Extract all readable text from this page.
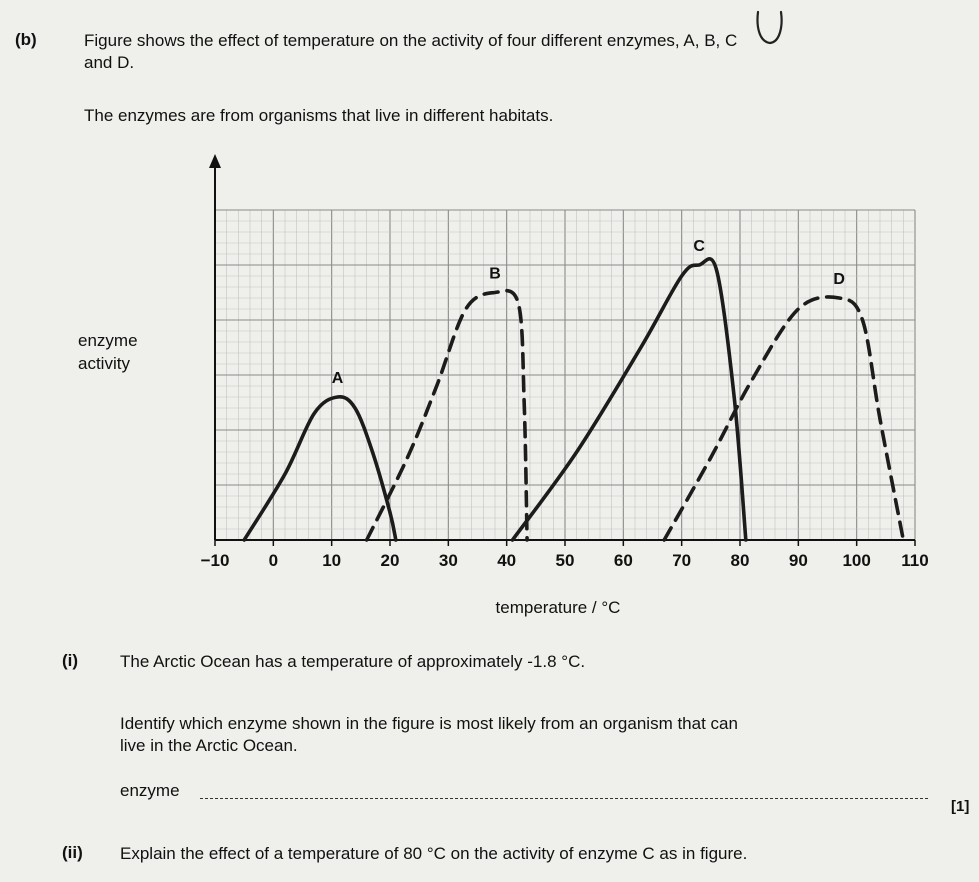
(b)	Figure shows the effect of temperature on the activity of four different enzymes, A, B, C
and D.
The enzymes are from organisms that live in different habitats.
enzyme
activity
−10 0	10 20 30 40 50 60 70 80 90 100 110
A
B
C
D
temperature / °C
(i) The Arctic Ocean has a temperature of approximately -1.8 °C.
Identify which enzyme shown in the figure is most likely from an organism that can
live in the Arctic Ocean.
enzyme
[1]
(ii) Explain the effect of a temperature of 80 °C on the activity of enzyme C as in figure.
